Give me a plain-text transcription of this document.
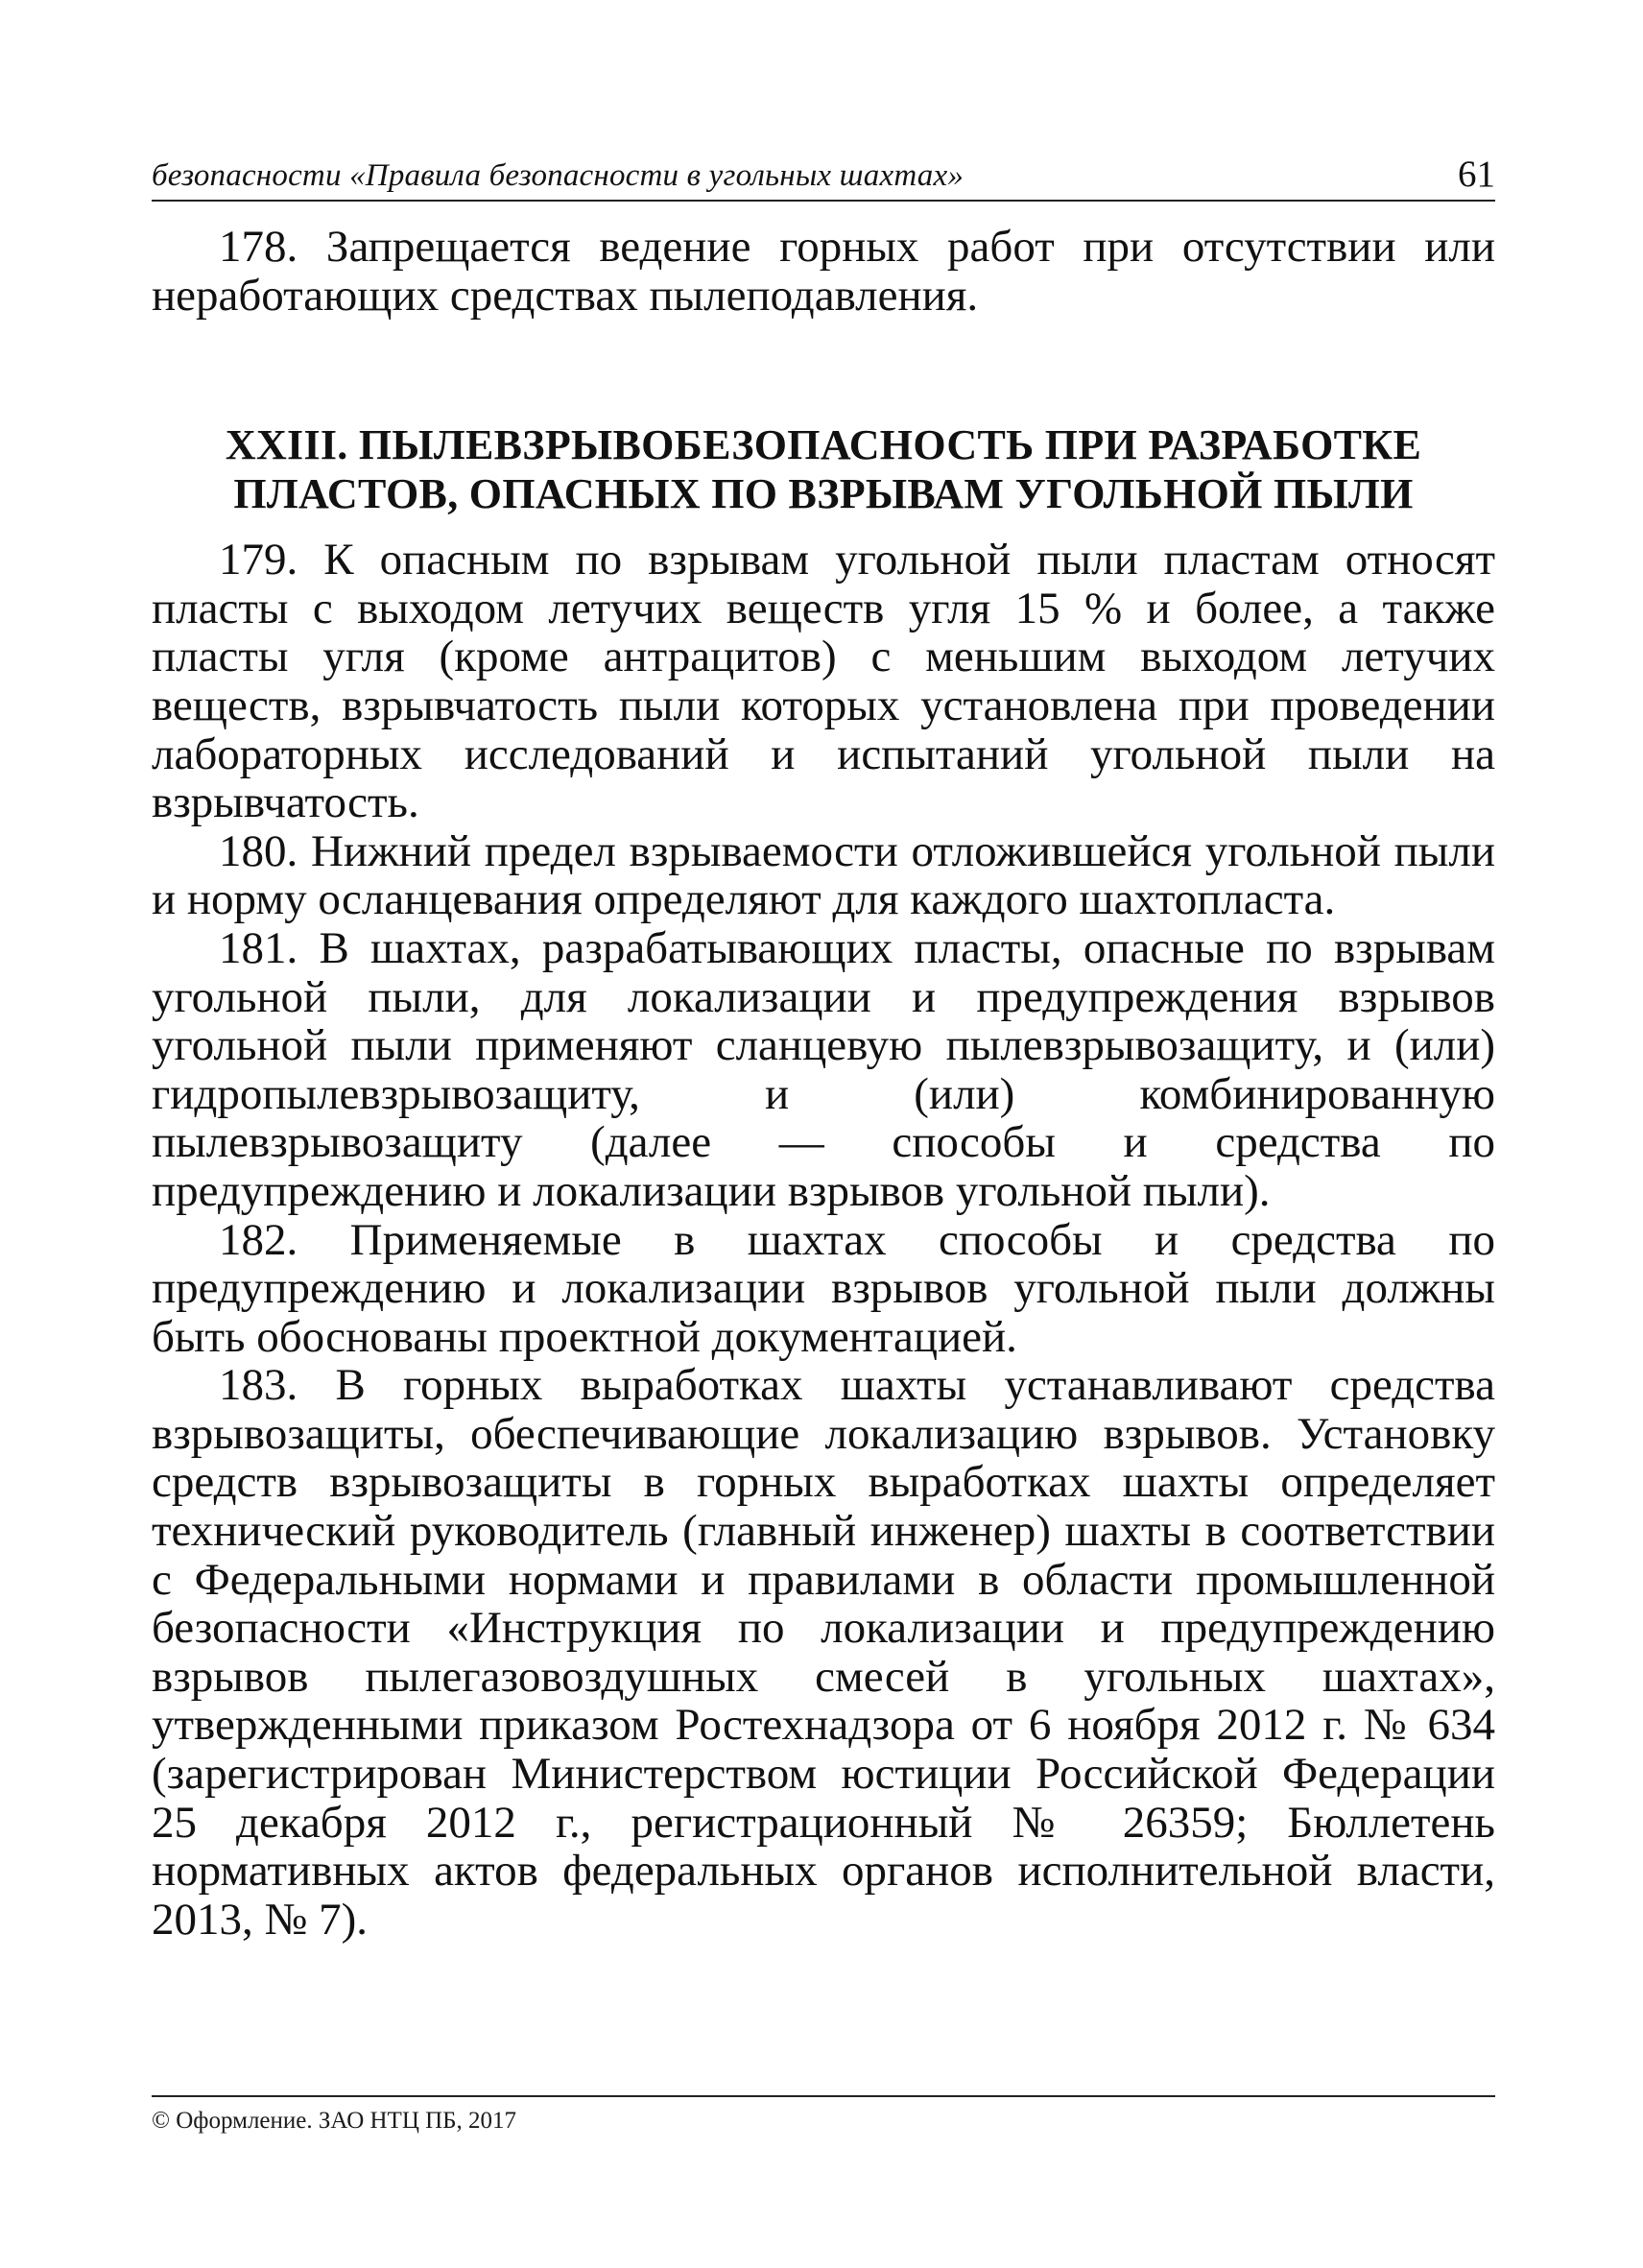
безопасности «Правила безопасности в угольных шахтах»	61

178. Запрещается ведение горных работ при отсутствии или неработающих средствах пылеподавления.

XXIII. ПЫЛЕВЗРЫВОБЕЗОПАСНОСТЬ ПРИ РАЗРАБОТКЕ
ПЛАСТОВ, ОПАСНЫХ ПО ВЗРЫВАМ УГОЛЬНОЙ ПЫЛИ

179. К опасным по взрывам угольной пыли пластам относят пласты с выходом летучих веществ угля 15 % и более, а также пласты угля (кроме антрацитов) с меньшим выходом летучих веществ, взрывчатость пыли которых установлена при проведении лабораторных исследований и испытаний угольной пыли на взрывчатость.

180. Нижний предел взрываемости отложившейся угольной пыли и норму осланцевания определяют для каждого шахтопласта.

181. В шахтах, разрабатывающих пласты, опасные по взрывам угольной пыли, для локализации и предупреждения взрывов угольной пыли применяют сланцевую пылевзрывозащиту, и (или) гидропылевзрывозащиту, и (или) комбинированную пылевзрывозащиту (далее — способы и средства по предупреждению и локализации взрывов угольной пыли).

182. Применяемые в шахтах способы и средства по предупреждению и локализации взрывов угольной пыли должны быть обоснованы проектной документацией.

183. В горных выработках шахты устанавливают средства взрывозащиты, обеспечивающие локализацию взрывов. Установку средств взрывозащиты в горных выработках шахты определяет технический руководитель (главный инженер) шахты в соответствии с Федеральными нормами и правилами в области промышленной безопасности «Инструкция по локализации и предупреждению взрывов пылегазовоздушных смесей в угольных шахтах», утвержденными приказом Ростехнадзора от 6 ноября 2012 г. № 634 (зарегистрирован Министерством юстиции Российской Федерации 25 декабря 2012 г., регистрационный № 26359; Бюллетень нормативных актов федеральных органов исполнительной власти, 2013, № 7).

© Оформление. ЗАО НТЦ ПБ, 2017
